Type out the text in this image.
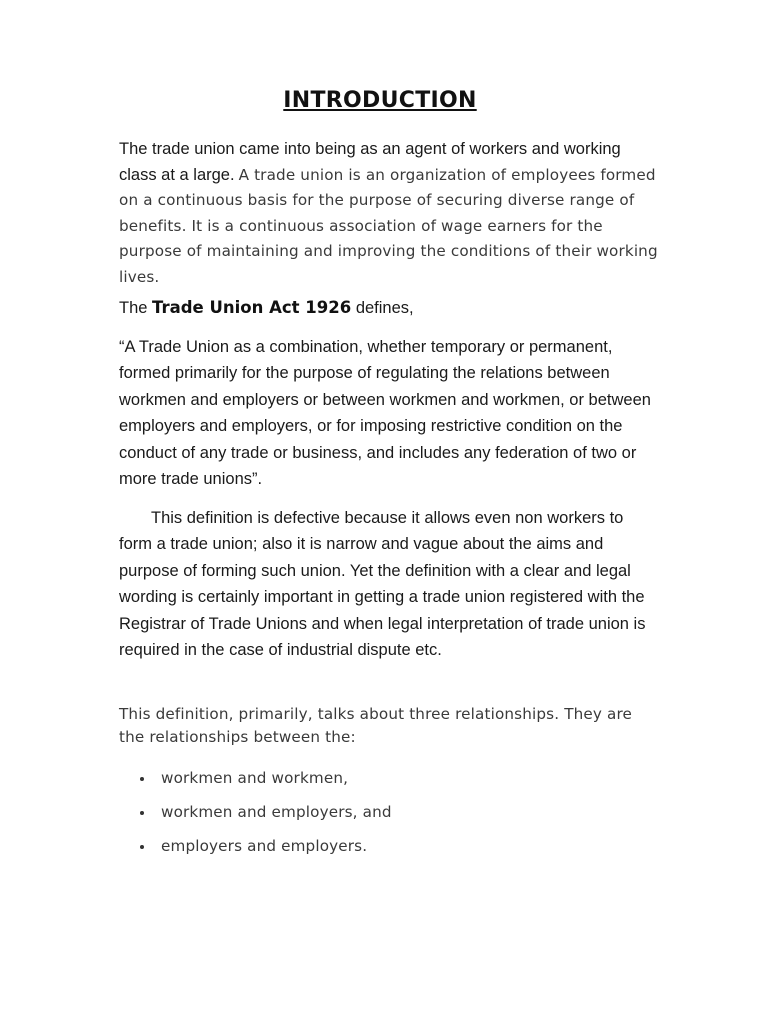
INTRODUCTION
The trade union came into being as an agent of workers and working class at a large. A trade union is an organization of employees formed on a continuous basis for the purpose of securing diverse range of benefits. It is a continuous association of wage earners for the purpose of maintaining and improving the conditions of their working lives.
The Trade Union Act 1926 defines,
“A Trade Union as a combination, whether temporary or permanent, formed primarily for the purpose of regulating the relations between workmen and employers or between workmen and workmen, or between employers and employers, or for imposing restrictive condition on the conduct of any trade or business, and includes any federation of two or more trade unions”.
This definition is defective because it allows even non workers to form a trade union; also it is narrow and vague about the aims and purpose of forming such union. Yet the definition with a clear and legal wording is certainly important in getting a trade union registered with the Registrar of Trade Unions and when legal interpretation of trade union is required in the case of industrial dispute etc.
This definition, primarily, talks about three relationships. They are the relationships between the:
workmen and workmen,
workmen and employers, and
employers and employers.
